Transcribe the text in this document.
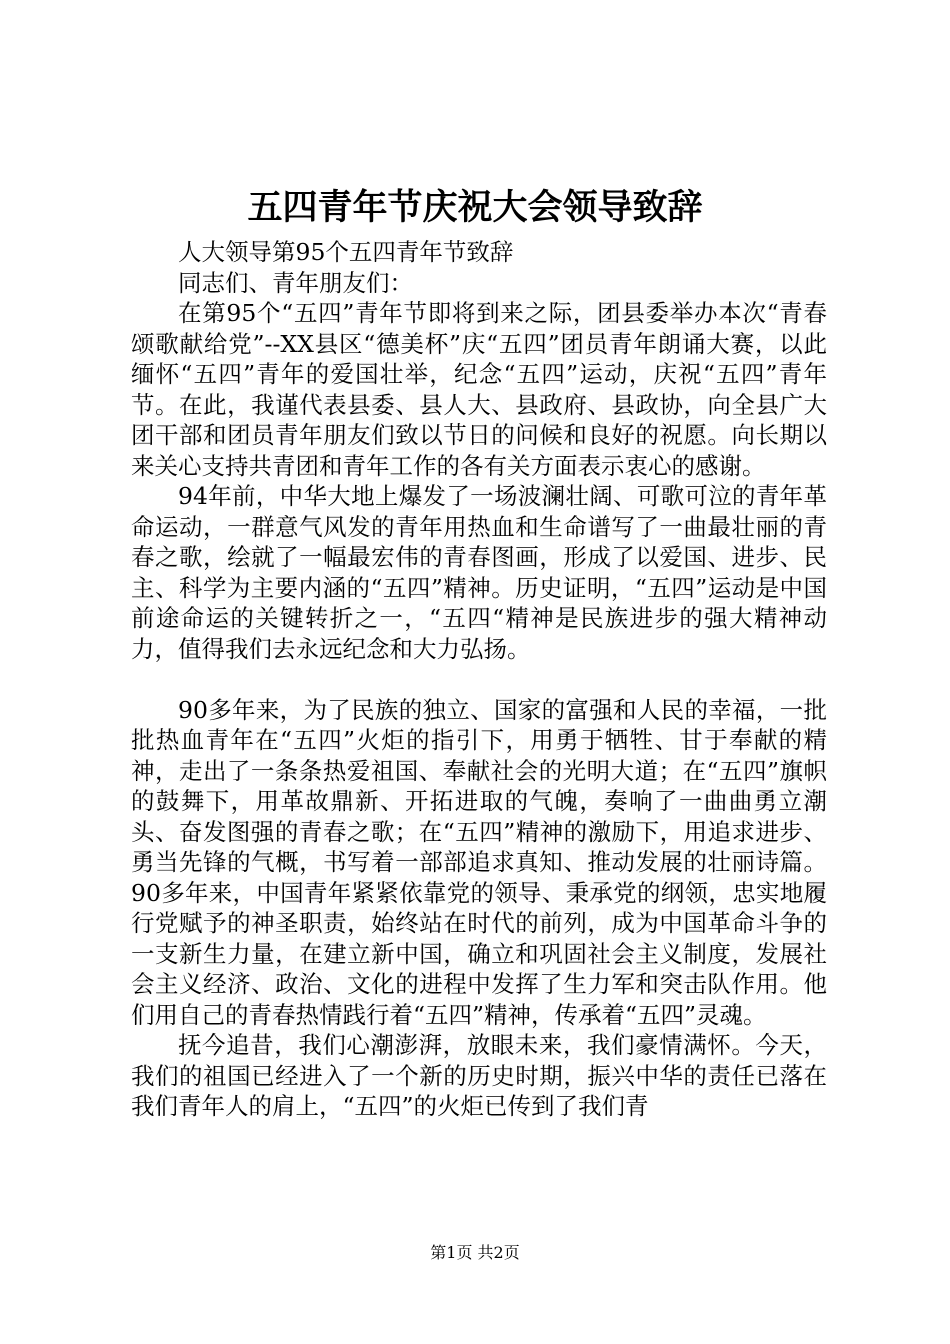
五四青年节庆祝大会领导致辞

人大领导第95个五四青年节致辞

同志们、青年朋友们：

在第95个“五四”青年节即将到来之际，团县委举办本次“青春颂歌献给党”--XX县区“德美杯”庆“五四”团员青年朗诵大赛，以此缅怀“五四”青年的爱国壮举，纪念“五四”运动，庆祝“五四”青年节。在此，我谨代表县委、县人大、县政府、县政协，向全县广大团干部和团员青年朋友们致以节日的问候和良好的祝愿。向长期以来关心支持共青团和青年工作的各有关方面表示衷心的感谢。

94年前，中华大地上爆发了一场波澜壮阔、可歌可泣的青年革命运动，一群意气风发的青年用热血和生命谱写了一曲最壮丽的青春之歌，绘就了一幅最宏伟的青春图画，形成了以爱国、进步、民主、科学为主要内涵的“五四”精神。历史证明，“五四”运动是中国前途命运的关键转折之一，“五四“精神是民族进步的强大精神动力，值得我们去永远纪念和大力弘扬。

90多年来，为了民族的独立、国家的富强和人民的幸福，一批批热血青年在“五四”火炬的指引下，用勇于牺牲、甘于奉献的精神，走出了一条条热爱祖国、奉献社会的光明大道；在“五四”旗帜的鼓舞下，用革故鼎新、开拓进取的气魄，奏响了一曲曲勇立潮头、奋发图强的青春之歌；在“五四”精神的激励下，用追求进步、勇当先锋的气概，书写着一部部追求真知、推动发展的壮丽诗篇。90多年来，中国青年紧紧依靠党的领导、秉承党的纲领，忠实地履行党赋予的神圣职责，始终站在时代的前列，成为中国革命斗争的一支新生力量，在建立新中国，确立和巩固社会主义制度，发展社会主义经济、政治、文化的进程中发挥了生力军和突击队作用。他们用自己的青春热情践行着“五四”精神，传承着“五四”灵魂。

抚今追昔，我们心潮澎湃，放眼未来，我们豪情满怀。今天，我们的祖国已经进入了一个新的历史时期，振兴中华的责任已落在我们青年人的肩上，“五四”的火炬已传到了我们青

第1页 共2页
